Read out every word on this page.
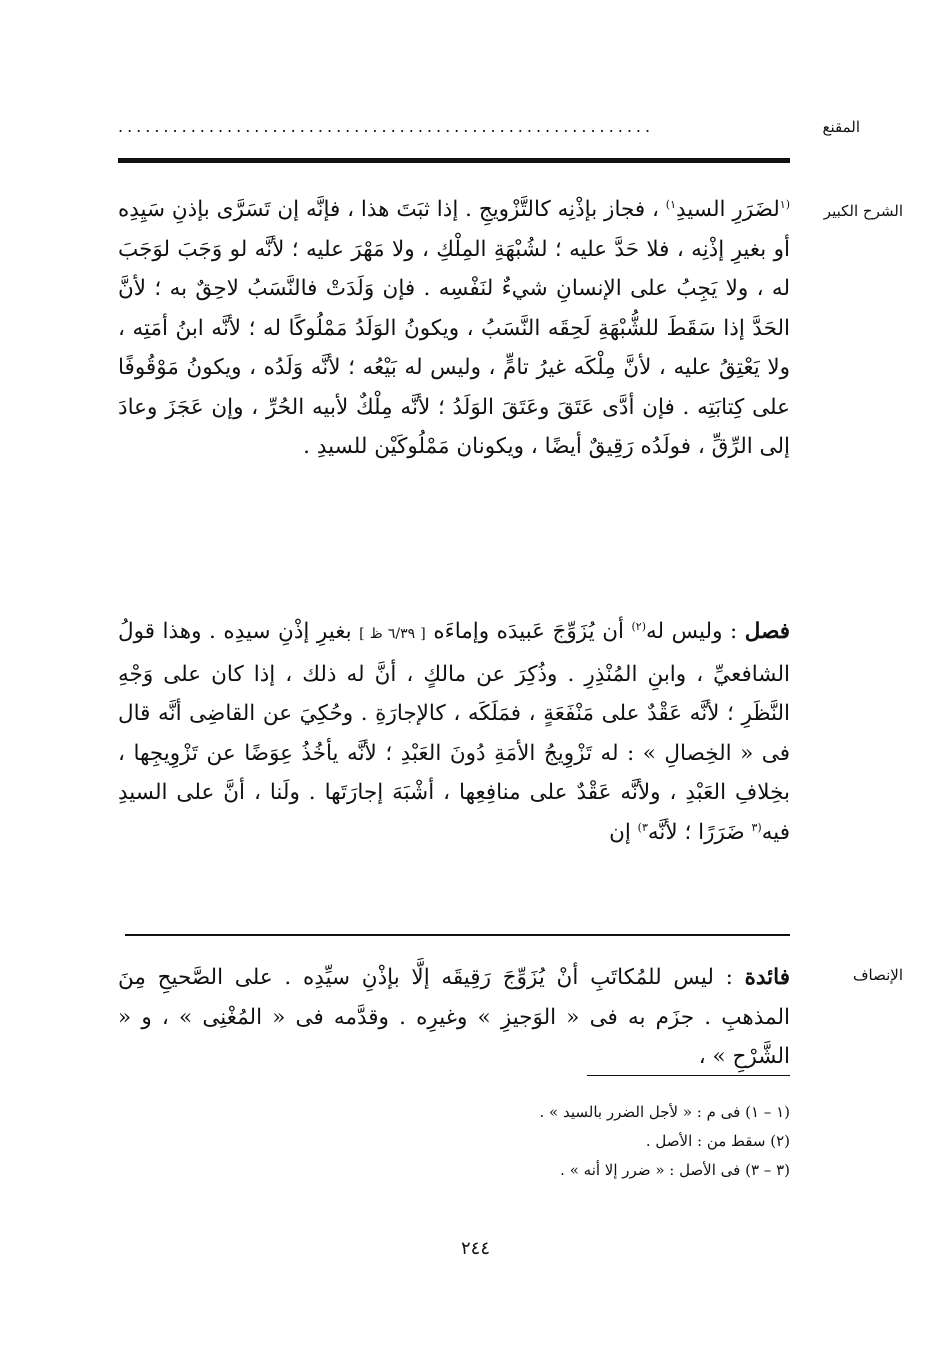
المقنع
...........................................................
الشرح الكبير
$^{(١}$لضَرَرِ السيدِ$^{١)}$ ، فجاز بإذْنِه كالتَّزْويجِ . إذا ثبَتَ هذا ، فإنَّه إن تَسَرَّى بإذنِ سَيِدِه أو بغيرِ إذْنِه ، فلا حَدَّ عليه ؛ لشُبْهَةِ المِلْكِ ، ولا مَهْرَ عليه ؛ لأنَّه لو وَجَبَ لوَجَبَ له ، ولا يَجِبُ على الإنسانِ شيءٌ لنَفْسِه . فإن وَلَدَتْ فالنَّسَبُ لاحِقٌ به ؛ لأنَّ الحَدَّ إذا سَقَطَ للشُّبْهَةِ لَحِقَه النَّسَبُ ، ويكونُ الوَلَدُ مَمْلُوكًا له ؛ لأنَّه ابنُ أمَتِه ، ولا يَعْتِقُ عليه ، لأنَّ مِلْكَه غيرُ تامٍّ ، وليس له بَيْعُه ؛ لأنَّه وَلَدُه ، ويكونُ مَوْقُوفًا على كِتابَتِه . فإن أدَّى عَتَقَ وعَتَقَ الوَلَدُ ؛ لأنَّه مِلْكٌ لأبيه الحُرِّ ، وإن عَجَزَ وعادَ إلى الرِّقِّ ، فولَدُه رَقِيقٌ أيضًا ، ويكونان مَمْلُوكَيْن للسيدِ .
فصل : وليس له$^{(٢)}$ أن يُزَوِّجَ عَبيدَه وإماءَه [ ٦/٣٩ ظ ] بغيرِ إذْنِ سيدِه . وهذا قولُ الشافعيِّ ، وابنِ المُنْذِرِ . وذُكِرَ عن مالكٍ ، أنَّ له ذلك ، إذا كان على وَجْهِ النَّظَرِ ؛ لأنَّه عَقْدٌ على مَنْفَعَةٍ ، فمَلَكَه ، كالإجارَةِ . وحُكِيَ عن القاضِى أنَّه قال فى « الخِصالِ » : له تَزْوِيجُ الأمَةِ دُونَ العَبْدِ ؛ لأنَّه يأخُذُ عِوَضًا عن تَزْوِيجِها ، بخِلافِ العَبْدِ ، ولأنَّه عَقْدٌ على منافِعِها ، أشْبَهَ إجارَتَها . ولَنا ، أنَّ على السيدِ فيه$^{(٣}$ ضَرَرًا ؛ لأنَّه$^{٣)}$ إن
الإنصاف
فائدة : ليس للمُكاتَبِ أنْ يُزَوِّجَ رَقِيقَه إلَّا بإذْنِ سيِّدِه . على الصَّحيحِ مِنَ المذهبِ . جزَم به فى « الوَجيزِ » وغيرِه . وقدَّمه فى « المُغْنِى » ، و « الشَّرْحِ » ،
(١ – ١) فى م : « لأجل الضرر بالسيد » .
(٢) سقط من : الأصل .
(٣ – ٣) فى الأصل : « ضرر إلا أنه » .
٢٤٤
